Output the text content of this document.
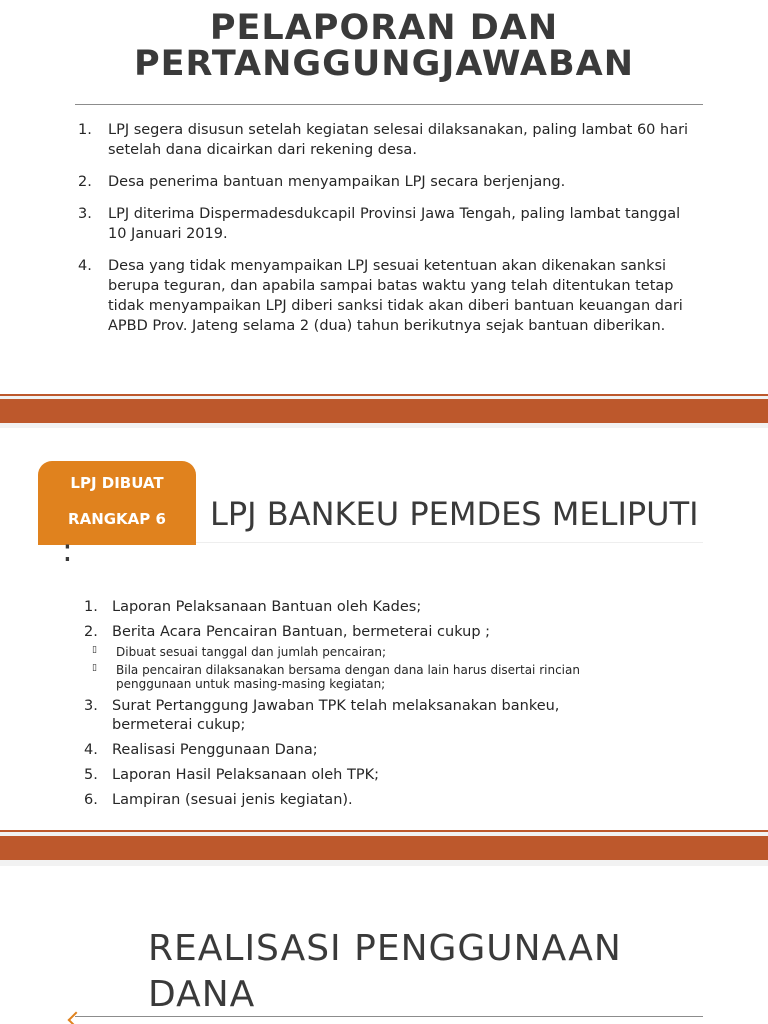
PELAPORAN DAN
PERTANGGUNGJAWABAN
1. LPJ segera disusun setelah kegiatan selesai dilaksanakan, paling lambat 60 hari setelah dana dicairkan dari rekening desa.
2. Desa penerima bantuan menyampaikan LPJ secara berjenjang.
3. LPJ diterima Dispermadesdukcapil Provinsi Jawa Tengah, paling lambat tanggal 10 Januari 2019.
4. Desa yang tidak menyampaikan LPJ sesuai ketentuan akan dikenakan sanksi berupa teguran, dan apabila sampai batas waktu yang telah ditentukan tetap tidak menyampaikan LPJ diberi sanksi tidak akan diberi bantuan keuangan dari APBD Prov. Jateng selama 2 (dua) tahun berikutnya sejak bantuan diberikan.
LPJ DIBUAT
RANGKAP 6	LPJ BANKEU PEMDES MELIPUTI :
1. Laporan Pelaksanaan Bantuan oleh Kades;
2. Berita Acara Pencairan Bantuan, bermeterai cukup ;
▯ Dibuat sesuai tanggal dan jumlah pencairan;
▯ Bila pencairan dilaksanakan bersama dengan dana lain harus disertai rincian penggunaan untuk masing-masing kegiatan;
3. Surat Pertanggung Jawaban TPK telah melaksanakan bankeu, bermeterai cukup;
4. Realisasi Penggunaan Dana;
5. Laporan Hasil Pelaksanaan oleh TPK;
6. Lampiran (sesuai jenis kegiatan).
REALISASI PENGGUNAAN DANA
